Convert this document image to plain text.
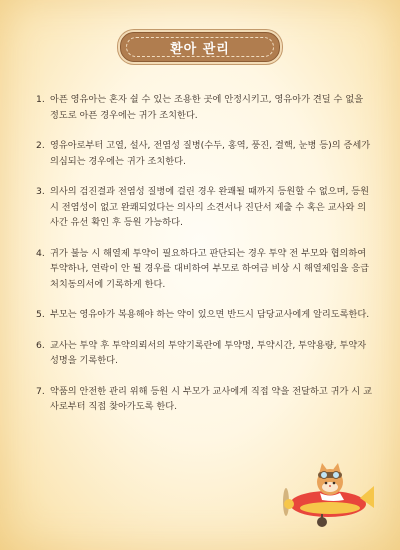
환아 관리
1. 아픈 영유아는 혼자 쉴 수 있는 조용한 곳에 안정시키고, 영유아가 견딜 수 없을 정도로 아픈 경우에는 귀가 조치한다.
2. 영유아로부터 고열, 설사, 전염성 질병(수두, 홍역, 풍진, 결핵, 눈병 등)의 증세가 의심되는 경우에는 귀가 조치한다.
3. 의사의 검진결과 전염성 질병에 걸린 경우 완쾌될 때까지 등원할 수 없으며, 등원 시 전염성이 없고 완쾌되었다는 의사의 소견서나 진단서 제출 수 혹은 교사와 의사간 유선 확인 후 등원 가능하다.
4. 귀가 불능 시 해열제 투약이 필요하다고 판단되는 경우 투약 전 부모와 협의하여 투약하나, 연락이 안 될 경우를 대비하여 부모로 하여금 비상 시 해열제임을 응급처치동의서에 기록하게 한다.
5. 부모는 영유아가 복용해야 하는 약이 있으면 반드시 담당교사에게 알리도록한다.
6. 교사는 투약 후 투약의뢰서의 투약기록란에 투약명, 투약시간, 투약용량, 투약자 성명을 기록한다.
7. 약품의 안전한 관리 위해 등원 시 부모가 교사에게 직접 약을 전달하고 귀가 시 교사로부터 직접 찾아가도록 한다.
